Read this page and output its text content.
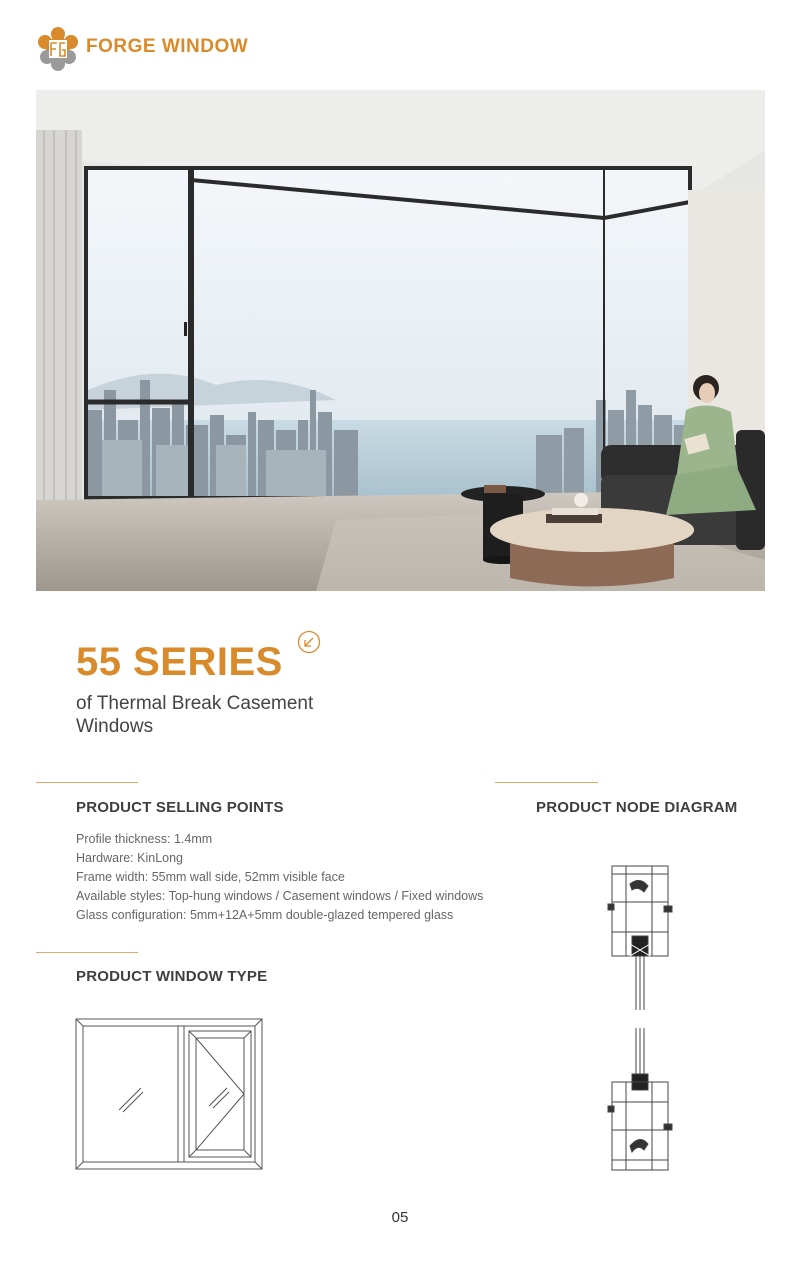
FORGE WINDOW
55 SERIES
of Thermal Break Casement Windows
PRODUCT SELLING POINTS
Profile thickness: 1.4mm
Hardware: KinLong
Frame width: 55mm wall side, 52mm visible face
Available styles: Top-hung windows / Casement windows / Fixed windows
Glass configuration: 5mm+12A+5mm double-glazed tempered glass
PRODUCT NODE DIAGRAM
PRODUCT WINDOW TYPE
05
